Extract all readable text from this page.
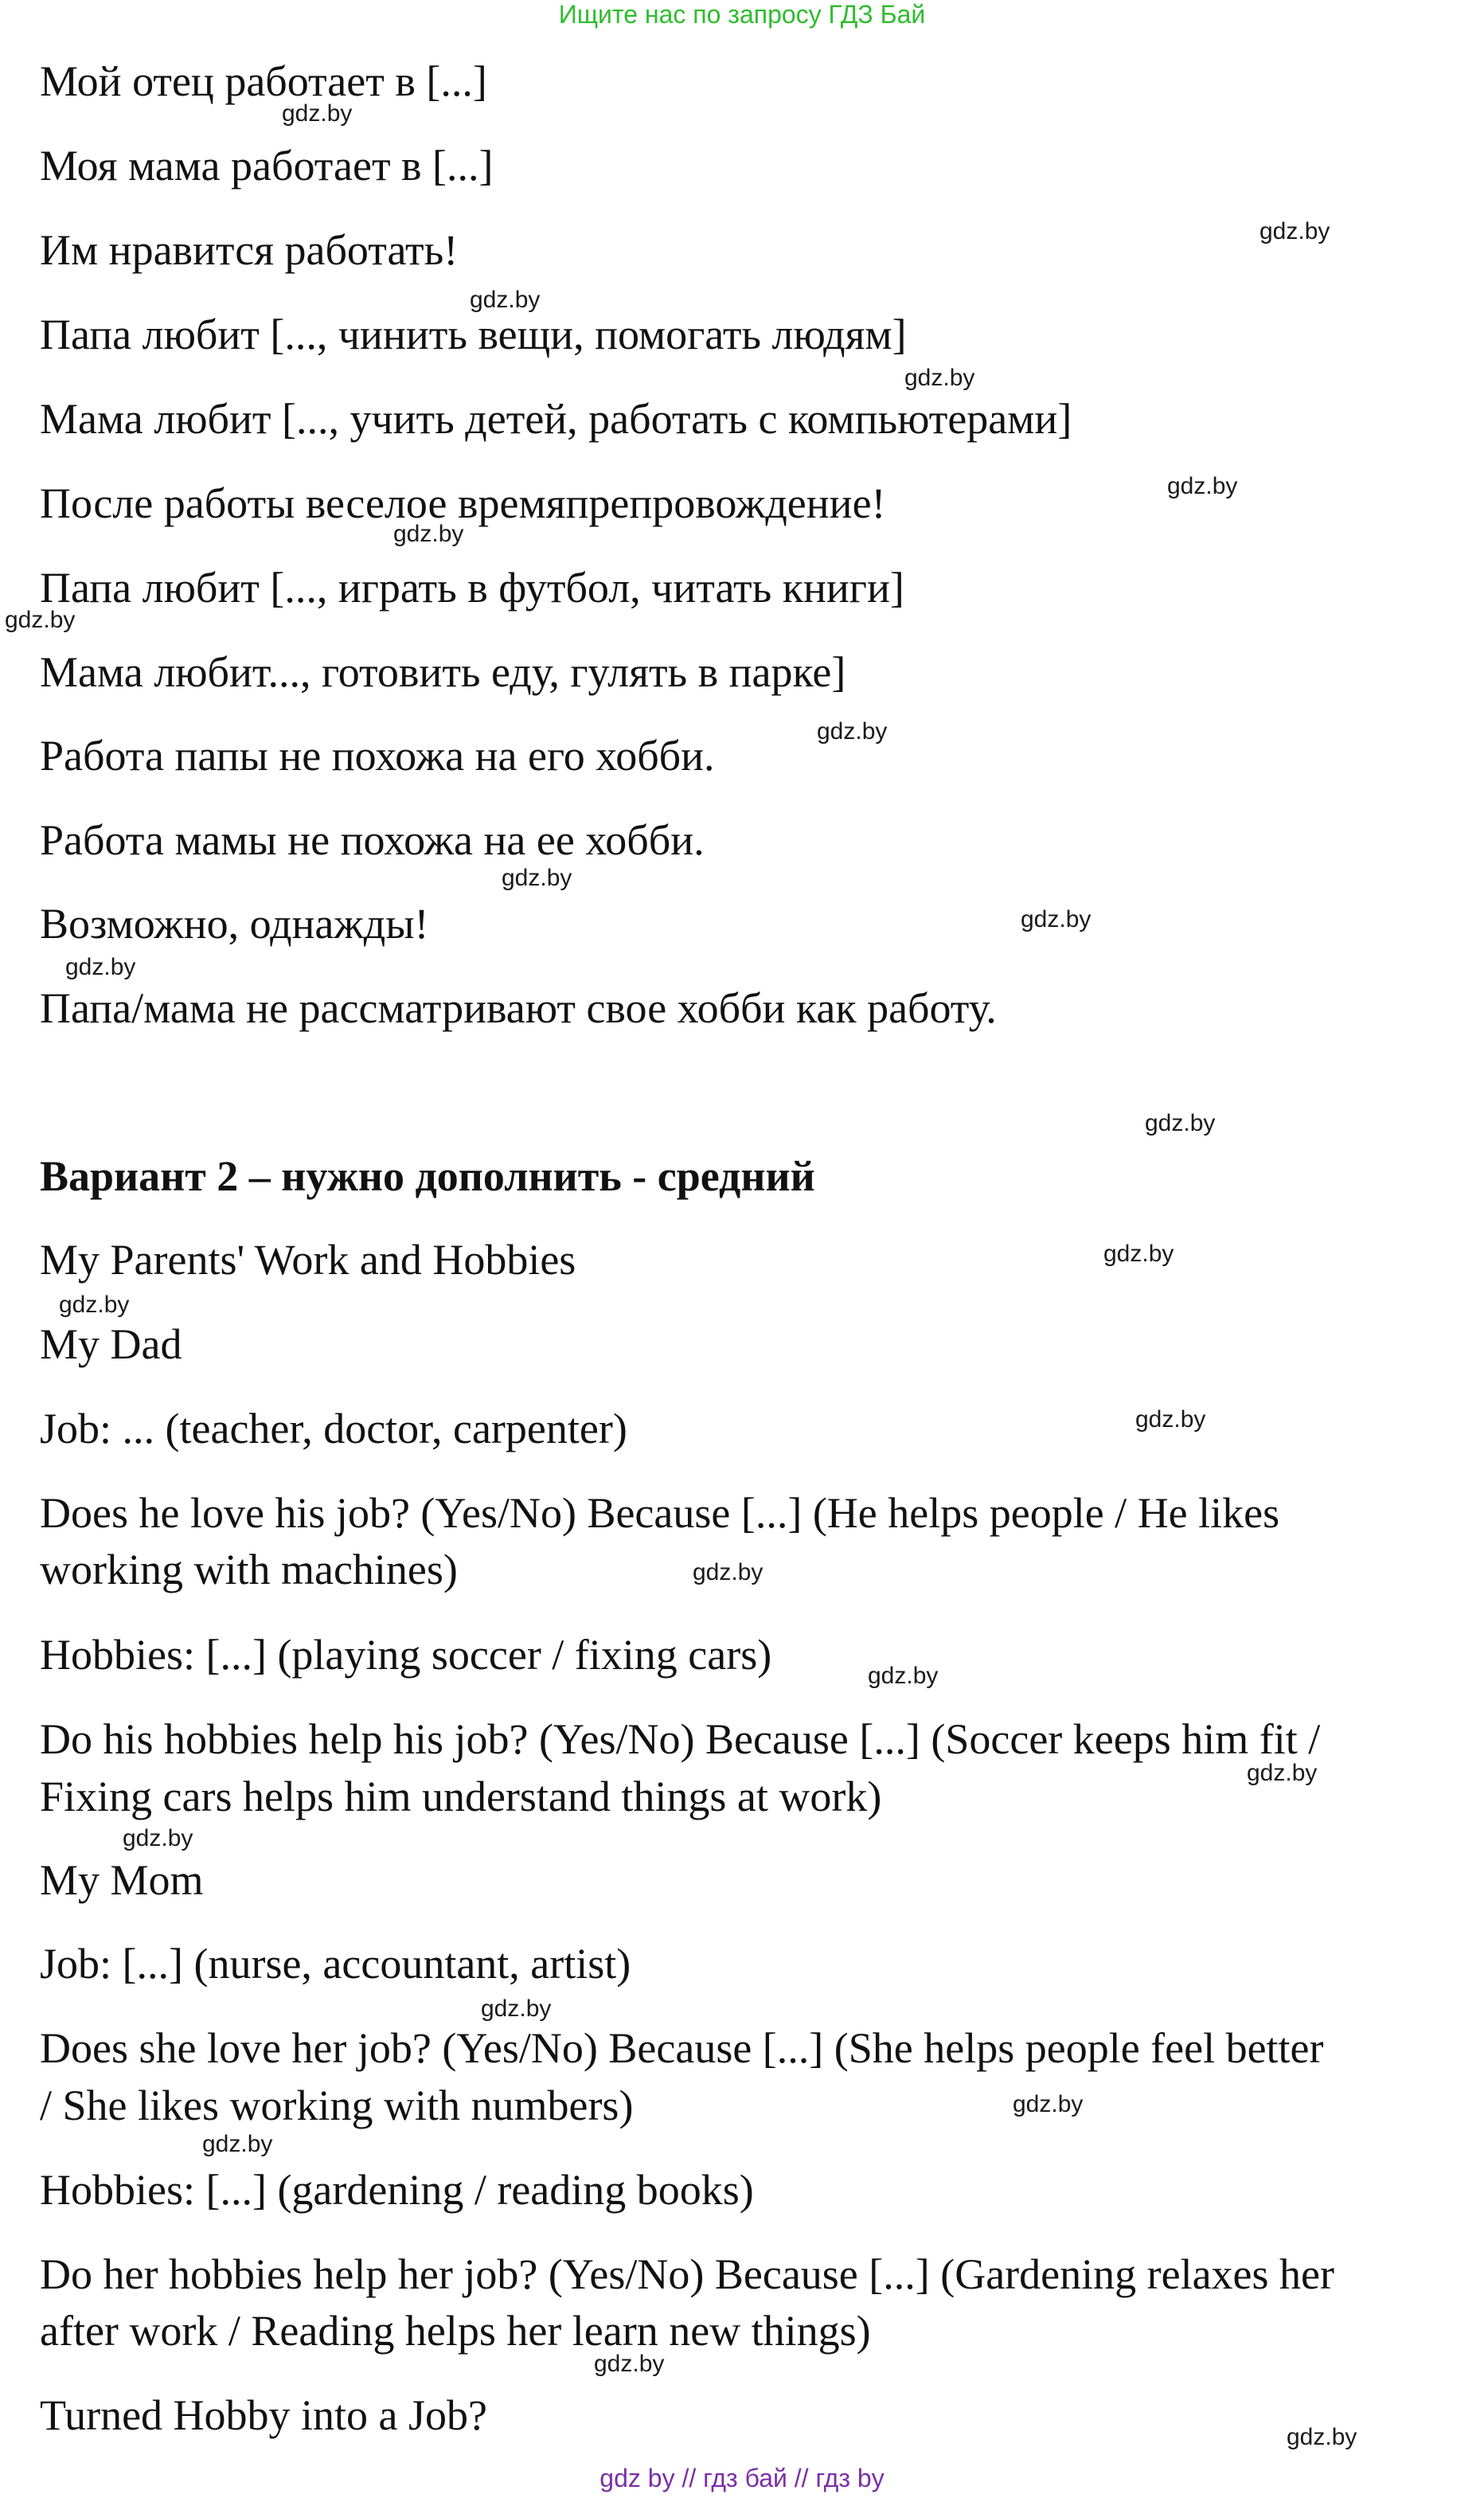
Ищите нас по запросу ГДЗ Бай

Мой отец работает в [...]

Моя мама работает в [...]

Им нравится работать!

Папа любит [..., чинить вещи, помогать людям]

Мама любит [..., учить детей, работать с компьютерами]

После работы веселое времяпрепровождение!

Папа любит [..., играть в футбол, читать книги]

Мама любит..., готовить еду, гулять в парке]

Работа папы не похожа на его хобби.

Работа мамы не похожа на ее хобби.

Возможно, однажды!

Папа/мама не рассматривают свое хобби как работу.

Вариант 2 – нужно дополнить - средний

My Parents' Work and Hobbies

My Dad

Job: ... (teacher, doctor, carpenter)

Does he love his job? (Yes/No) Because [...] (He helps people / He likes

working with machines)

Hobbies: [...] (playing soccer / fixing cars)

Do his hobbies help his job? (Yes/No) Because [...] (Soccer keeps him fit /

Fixing cars helps him understand things at work)

My Mom

Job: [...] (nurse, accountant, artist)

Does she love her job? (Yes/No) Because [...] (She helps people feel better

/ She likes working with numbers)

Hobbies: [...] (gardening / reading books)

Do her hobbies help her job? (Yes/No) Because [...] (Gardening relaxes her

after work / Reading helps her learn new things)

Turned Hobby into a Job?

gdz.by
gdz.by
gdz.by
gdz.by
gdz.by
gdz.by
gdz.by
gdz.by
gdz.by
gdz.by
gdz.by
gdz.by
gdz.by
gdz.by
gdz.by
gdz.by
gdz.by
gdz.by
gdz.by
gdz.by
gdz.by
gdz.by
gdz.by
gdz.by
gdz by // гдз бай // гдз by
